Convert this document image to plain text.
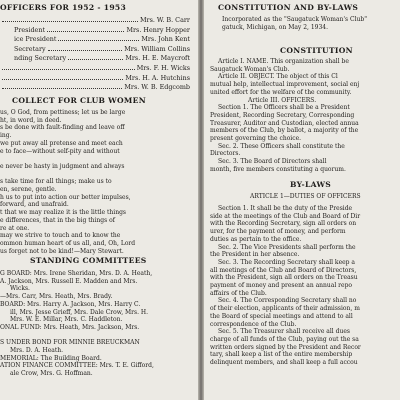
OFFICERS FOR 1952 - 1953
Mrs. W. B. Carr
President	Mrs. Henry Hopper
ice President	Mrs. John Kent
Secretary	Mrs. William Collins
nding Secretary	Mrs. H. E. Maycroft
Mrs. F. H. Wicks
Mrs. H. A. Hutchins
Mrs. W. B. Edgcomb
COLLECT FOR CLUB WOMEN
us, O God, from pettiness; let us be large
ht, in word, in deed.
s be done with fault-finding and leave off
ing.
we put away all pretense and meet each
e to face—without self-pity and without

e never be hasty in judgment and always

s take time for all things; make us to
en, serene, gentle.
h us to put into action our better impulses,
forward, and unafraid.
t that we may realize it is the little things
e differences, that in the big things of
re at one.
may we strive to touch and to know the
ommon human heart of us all, and, Oh, Lord
us forget not to be kind!—Mary Stewart.
STANDING COMMITTEES
G BOARD: Mrs. Irene Sheridan, Mrs. D. A. Heath,
A. Jackson, Mrs. Russell E. Madden and Mrs.
Wicks.
—Mrs. Carr, Mrs. Heath, Mrs. Brady.
BOARD: Mrs. Harry A. Jackson, Mrs. Harry C.
ill, Mrs. Jesse Grieff, Mrs. Dale Crow, Mrs. H.
Mrs. W. E. Millar, Mrs. C. Haddleton.
ONAL FUND: Mrs. Heath, Mrs. Jackson, Mrs.

S UNDER BOND FOR MINNIE BREUCKMAN
Mrs. D. A. Heath.
MEMORIAL: The Building Board.
ATION FINANCE COMMITTEE: Mrs. T. E. Gifford,
ale Crow, Mrs. G. Hoffman.
CONSTITUTION AND BY-LAWS
Incorporated as the "Saugatuck Woman's Club"
gatuck, Michigan, on May 2, 1934.
CONSTITUTION
Article I. NAME. This organization shall be
Saugatuck Woman's Club.
Article II. OBJECT. The object of this Cl
mutual help, intellectual improvement, social enj
united effort for the welfare of the community.
Article III. OFFICERS.
Section 1. The Officers shall be a President
President, Recording Secretary, Corresponding
Treasurer, Auditor and Custodian, elected annua
members of the Club, by ballot, a majority of the
present governing the choice.
Sec. 2. These Officers shall constitute the
Directors.
Sec. 3. The Board of Directors shall
month, five members constituting a quorum.
BY-LAWS
ARTICLE 1—DUTIES OF OFFICERS
Section 1. It shall be the duty of the Preside
side at the meetings of the Club and Board of Dir
with the Recording Secretary, sign all orders on
urer, for the payment of money, and perform
duties as pertain to the office.
Sec. 2. The Vice Presidents shall perform the
the President in her absence.
Sec. 3. The Recording Secretary shall keep a
all meetings of the Club and Board of Directors,
with the President, sign all orders on the Treasu
payment of money and present an annual repo
affairs of the Club.
Sec. 4. The Corresponding Secretary shall no
of their election, applicants of their admission, m
the Board of special meetings and attend to all
correspondence of the Club.
Sec. 5. The Treasurer shall receive all dues
charge of all funds of the Club, paying out the sa
written orders signed by the President and Recor
tary, shall keep a list of the entire membership
delinquent members, and shall keep a full accou
